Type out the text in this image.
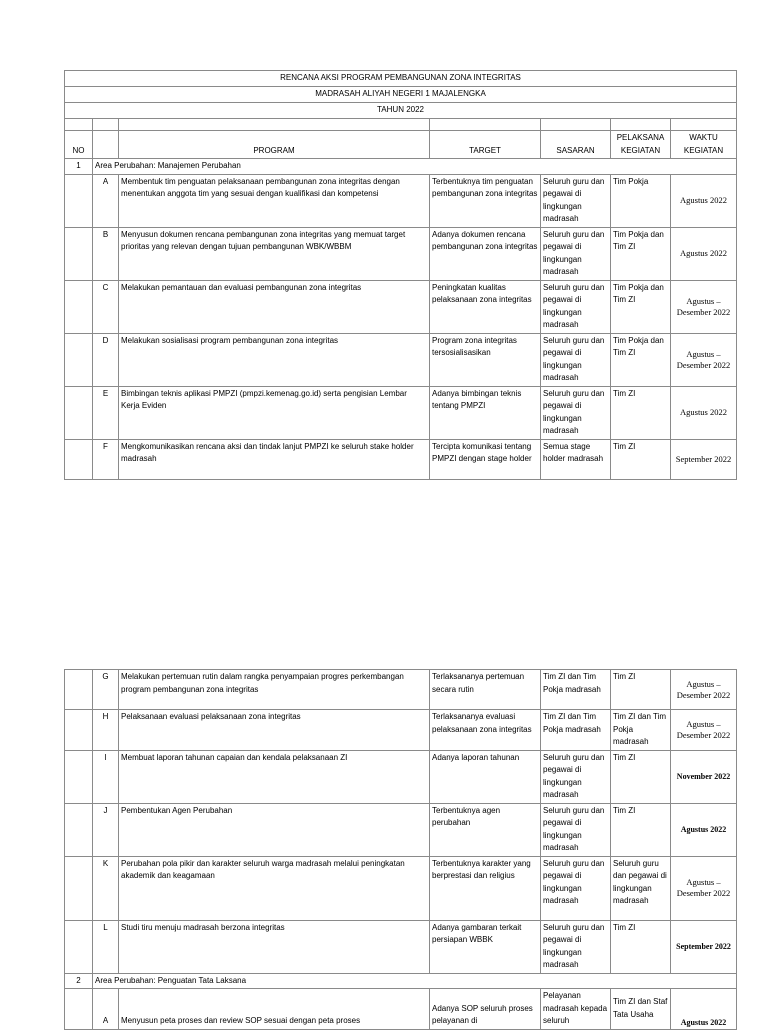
RENCANA AKSI PROGRAM PEMBANGUNAN ZONA INTEGRITAS						
MADRASAH ALIYAH NEGERI 1 MAJALENGKA						
TAHUN 2022						

NO		PROGRAM	TARGET	SASARAN	PELAKSANA KEGIATAN	WAKTU KEGIATAN
1	Area Perubahan: Manajemen Perubahan					
	A	Membentuk tim penguatan pelaksanaan pembangunan zona integritas dengan menentukan anggota tim yang sesuai dengan kualifikasi dan kompetensi	Terbentuknya tim penguatan pembangunan zona integritas	Seluruh guru dan pegawai di lingkungan madrasah	Tim Pokja	Agustus 2022
	B	Menyusun dokumen rencana pembangunan zona integritas yang memuat target prioritas yang relevan dengan tujuan pembangunan WBK/WBBM	Adanya dokumen rencana pembangunan zona integritas	Seluruh guru dan pegawai di lingkungan madrasah	Tim Pokja dan Tim ZI	Agustus 2022
	C	Melakukan pemantauan dan evaluasi pembangunan zona integritas	Peningkatan kualitas pelaksanaan zona integritas	Seluruh guru dan pegawai di lingkungan madrasah	Tim Pokja dan Tim ZI	Agustus – Desember 2022
	D	Melakukan sosialisasi program pembangunan zona integritas	Program zona integritas tersosialisasikan	Seluruh guru dan pegawai di lingkungan madrasah	Tim Pokja dan Tim ZI	Agustus – Desember 2022
	E	Bimbingan teknis aplikasi PMPZI (pmpzi.kemenag.go.id) serta pengisian Lembar Kerja Eviden	Adanya bimbingan teknis tentang PMPZI	Seluruh guru dan pegawai di lingkungan madrasah	Tim ZI	Agustus 2022
	F	Mengkomunikasikan rencana aksi dan tindak lanjut PMPZI ke seluruh stake holder madrasah	Tercipta komunikasi tentang PMPZI dengan stage holder	Semua stage holder madrasah	Tim ZI	September 2022
	G	Melakukan pertemuan rutin dalam rangka penyampaian progres perkembangan program pembangunan zona integritas	Terlaksananya pertemuan secara rutin	Tim ZI dan Tim Pokja madrasah	Tim ZI	Agustus – Desember 2022
	H	Pelaksanaan evaluasi pelaksanaan zona integritas	Terlaksananya evaluasi pelaksanaan zona integritas	Tim ZI dan Tim Pokja madrasah	Tim ZI dan Tim Pokja madrasah	Agustus – Desember 2022
	I	Membuat laporan tahunan capaian dan kendala pelaksanaan ZI	Adanya laporan tahunan	Seluruh guru dan pegawai di lingkungan madrasah	Tim ZI	November 2022
	J	Pembentukan Agen Perubahan	Terbentuknya agen perubahan	Seluruh guru dan pegawai di lingkungan madrasah	Tim ZI	Agustus 2022
	K	Perubahan pola pikir dan karakter seluruh warga madrasah melalui peningkatan akademik dan keagamaan	Terbentuknya karakter yang berprestasi dan religius	Seluruh guru dan pegawai di lingkungan madrasah	Seluruh guru dan pegawai di lingkungan madrasah	Agustus – Desember 2022
	L	Studi tiru menuju madrasah berzona integritas	Adanya gambaran terkait persiapan WBBK	Seluruh guru dan pegawai di lingkungan madrasah	Tim ZI	September 2022
2	Area Perubahan: Penguatan Tata Laksana					
	A	Menyusun peta proses dan review SOP sesuai dengan peta proses	Adanya SOP seluruh proses pelayanan di	Pelayanan madrasah kepada seluruh	Tim ZI dan Staf Tata Usaha	Agustus 2022
